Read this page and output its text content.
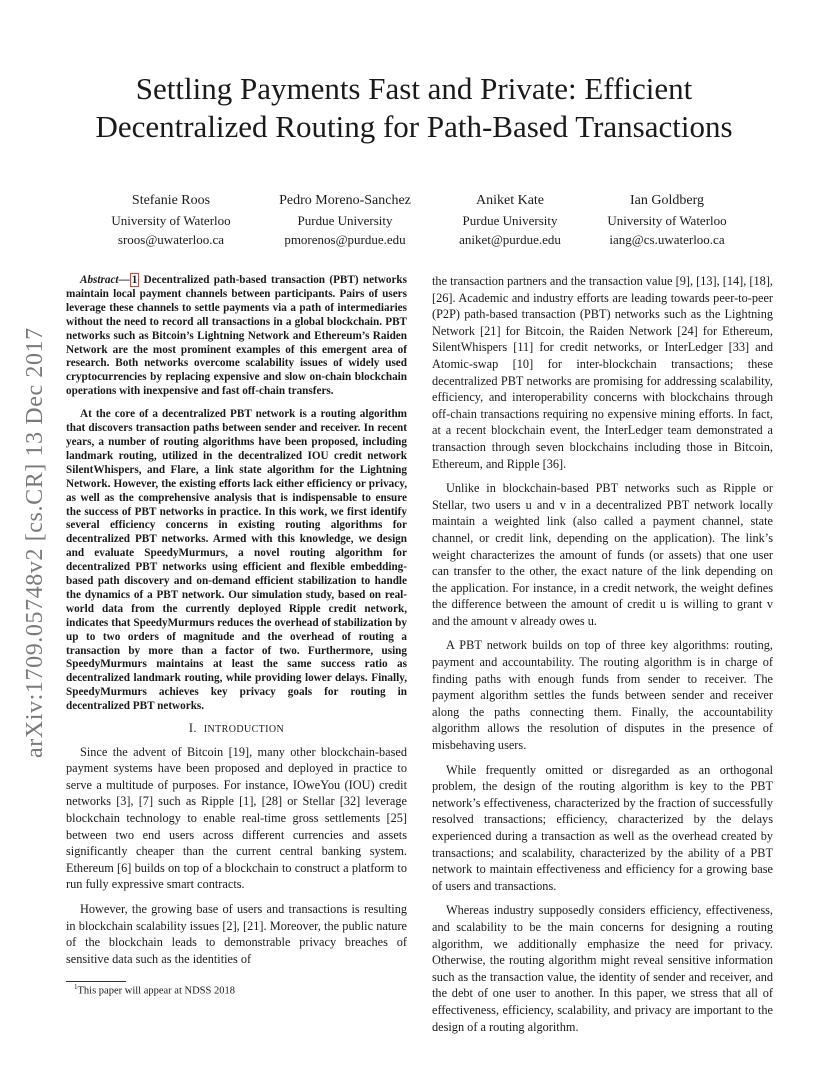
Settling Payments Fast and Private: Efficient
Decentralized Routing for Path-Based Transactions
Stefanie Roos
University of Waterloo
sroos@uwaterloo.ca
Pedro Moreno-Sanchez
Purdue University
pmorenos@purdue.edu
Aniket Kate
Purdue University
aniket@purdue.edu
Ian Goldberg
University of Waterloo
iang@cs.uwaterloo.ca
arXiv:1709.05748v2 [cs.CR] 13 Dec 2017

Abstract— 1 Decentralized path-based transaction (PBT) networks maintain local payment channels between participants. Pairs of users leverage these channels to settle payments via a path of intermediaries without the need to record all transactions in a global blockchain. PBT networks such as Bitcoin’s Lightning Network and Ethereum’s Raiden Network are the most prominent examples of this emergent area of research. Both networks overcome scalability issues of widely used cryptocurrencies by replacing expensive and slow on-chain blockchain operations with inexpensive and fast off-chain transfers.

At the core of a decentralized PBT network is a routing algorithm that discovers transaction paths between sender and receiver. In recent years, a number of routing algorithms have been proposed, including landmark routing, utilized in the decentralized IOU credit network SilentWhispers, and Flare, a link state algorithm for the Lightning Network. However, the existing efforts lack either efficiency or privacy, as well as the comprehensive analysis that is indispensable to ensure the success of PBT networks in practice. In this work, we first identify several efficiency concerns in existing routing algorithms for decentralized PBT networks. Armed with this knowledge, we design and evaluate SpeedyMurmurs, a novel routing algorithm for decentralized PBT networks using efficient and flexible embedding-based path discovery and on-demand efficient stabilization to handle the dynamics of a PBT network. Our simulation study, based on real-world data from the currently deployed Ripple credit network, indicates that SpeedyMurmurs reduces the overhead of stabilization by up to two orders of magnitude and the overhead of routing a transaction by more than a factor of two. Furthermore, using SpeedyMurmurs maintains at least the same success ratio as decentralized landmark routing, while providing lower delays. Finally, SpeedyMurmurs achieves key privacy goals for routing in decentralized PBT networks.

I. INTRODUCTION

Since the advent of Bitcoin [19], many other blockchain-based payment systems have been proposed and deployed in practice to serve a multitude of purposes. For instance, IOweYou (IOU) credit networks [3], [7] such as Ripple [1], [28] or Stellar [32] leverage blockchain technology to enable real-time gross settlements [25] between two end users across different currencies and assets significantly cheaper than the current central banking system. Ethereum [6] builds on top of a blockchain to construct a platform to run fully expressive smart contracts.

However, the growing base of users and transactions is resulting in blockchain scalability issues [2], [21]. Moreover, the public nature of the blockchain leads to demonstrable privacy breaches of sensitive data such as the identities of

$^1$This paper will appear at NDSS 2018

the transaction partners and the transaction value [9], [13], [14], [18], [26]. Academic and industry efforts are leading towards peer-to-peer (P2P) path-based transaction (PBT) networks such as the Lightning Network [21] for Bitcoin, the Raiden Network [24] for Ethereum, SilentWhispers [11] for credit networks, or InterLedger [33] and Atomic-swap [10] for inter-blockchain transactions; these decentralized PBT networks are promising for addressing scalability, efficiency, and interoperability concerns with blockchains through off-chain transactions requiring no expensive mining efforts. In fact, at a recent blockchain event, the InterLedger team demonstrated a transaction through seven blockchains including those in Bitcoin, Ethereum, and Ripple [36].

Unlike in blockchain-based PBT networks such as Ripple or Stellar, two users u and v in a decentralized PBT network locally maintain a weighted link (also called a payment channel, state channel, or credit link, depending on the application). The link’s weight characterizes the amount of funds (or assets) that one user can transfer to the other, the exact nature of the link depending on the application. For instance, in a credit network, the weight defines the difference between the amount of credit u is willing to grant v and the amount v already owes u.

A PBT network builds on top of three key algorithms: routing, payment and accountability. The routing algorithm is in charge of finding paths with enough funds from sender to receiver. The payment algorithm settles the funds between sender and receiver along the paths connecting them. Finally, the accountability algorithm allows the resolution of disputes in the presence of misbehaving users.

While frequently omitted or disregarded as an orthogonal problem, the design of the routing algorithm is key to the PBT network’s effectiveness, characterized by the fraction of successfully resolved transactions; efficiency, characterized by the delays experienced during a transaction as well as the overhead created by transactions; and scalability, characterized by the ability of a PBT network to maintain effectiveness and efficiency for a growing base of users and transactions.

Whereas industry supposedly considers efficiency, effectiveness, and scalability to be the main concerns for designing a routing algorithm, we additionally emphasize the need for privacy. Otherwise, the routing algorithm might reveal sensitive information such as the transaction value, the identity of sender and receiver, and the debt of one user to another. In this paper, we stress that all of effectiveness, efficiency, scalability, and privacy are important to the design of a routing algorithm.
